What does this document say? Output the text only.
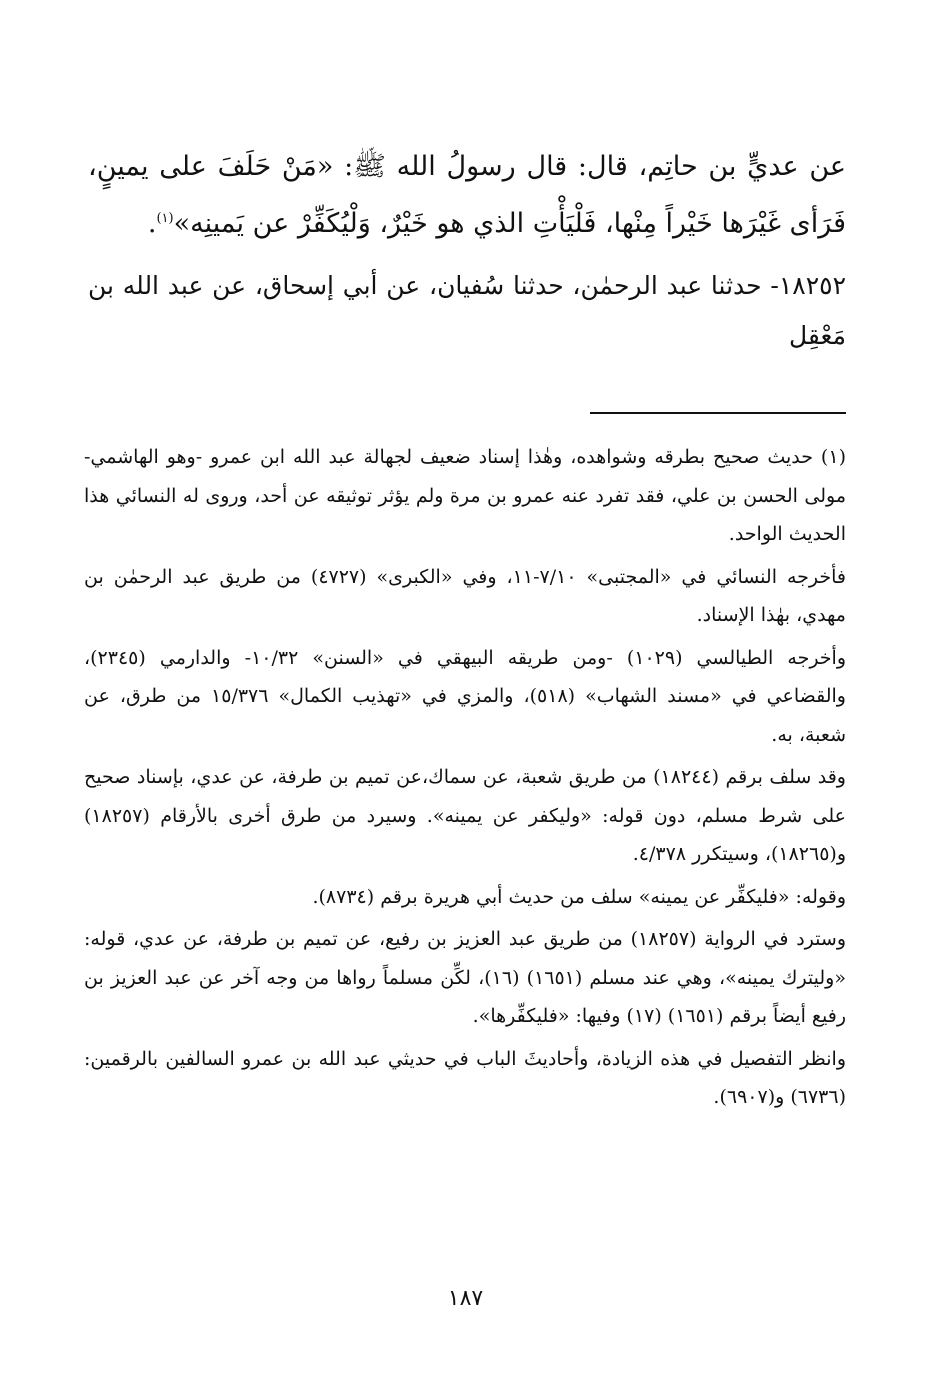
عن عديٍّ بن حاتِم، قال: قال رسولُ الله ﷺ: «مَنْ حَلَفَ على يمينٍ، فَرَأى غَيْرَها خَيْراً مِنْها، فَلْيَأْتِ الذي هو خَيْرٌ، وَلْيُكَفِّرْ عن يَمينِه»$^{(١)}$.

١٨٢٥٢- حدثنا عبد الرحمٰن، حدثنا سُفيان، عن أبي إسحاق، عن عبد الله بن مَعْقِل

(١) حديث صحيح بطرقه وشواهده، وهٰذا إسناد ضعيف لجهالة عبد الله ابن عمرو -وهو الهاشمي- مولى الحسن بن علي، فقد تفرد عنه عمرو بن مرة ولم يؤثر توثيقه عن أحد، وروى له النسائي هذا الحديث الواحد.

فأخرجه النسائي في «المجتبى» ٧/١٠-١١، وفي «الكبرى» (٤٧٢٧) من طريق عبد الرحمٰن بن مهدي، بهٰذا الإسناد.

وأخرجه الطيالسي (١٠٢٩) -ومن طريقه البيهقي في «السنن» ١٠/٣٢- والدارمي (٢٣٤٥)، والقضاعي في «مسند الشهاب» (٥١٨)، والمزي في «تهذيب الكمال» ١٥/٣٧٦ من طرق، عن شعبة، به.

وقد سلف برقم (١٨٢٤٤) من طريق شعبة، عن سماك،عن تميم بن طرفة، عن عدي، بإسناد صحيح على شرط مسلم، دون قوله: «وليكفر عن يمينه». وسيرد من طرق أخرى بالأرقام (١٨٢٥٧) و(١٨٢٦٥)، وسيتكرر ٤/٣٧٨.

وقوله: «فليكفِّر عن يمينه» سلف من حديث أبي هريرة برقم (٨٧٣٤).

وسترد في الرواية (١٨٢٥٧) من طريق عبد العزيز بن رفيع، عن تميم بن طرفة، عن عدي، قوله: «وليترك يمينه»، وهي عند مسلم (١٦٥١) (١٦)، لكِّن مسلماً رواها من وجه آخر عن عبد العزيز بن رفيع أيضاً برقم (١٦٥١) (١٧) وفيها: «فليكفِّرها».

وانظر التفصيل في هذه الزيادة، وأحاديثَ الباب في حديثي عبد الله بن عمرو السالفين بالرقمين: (٦٧٣٦) و(٦٩٠٧).

١٨٧
